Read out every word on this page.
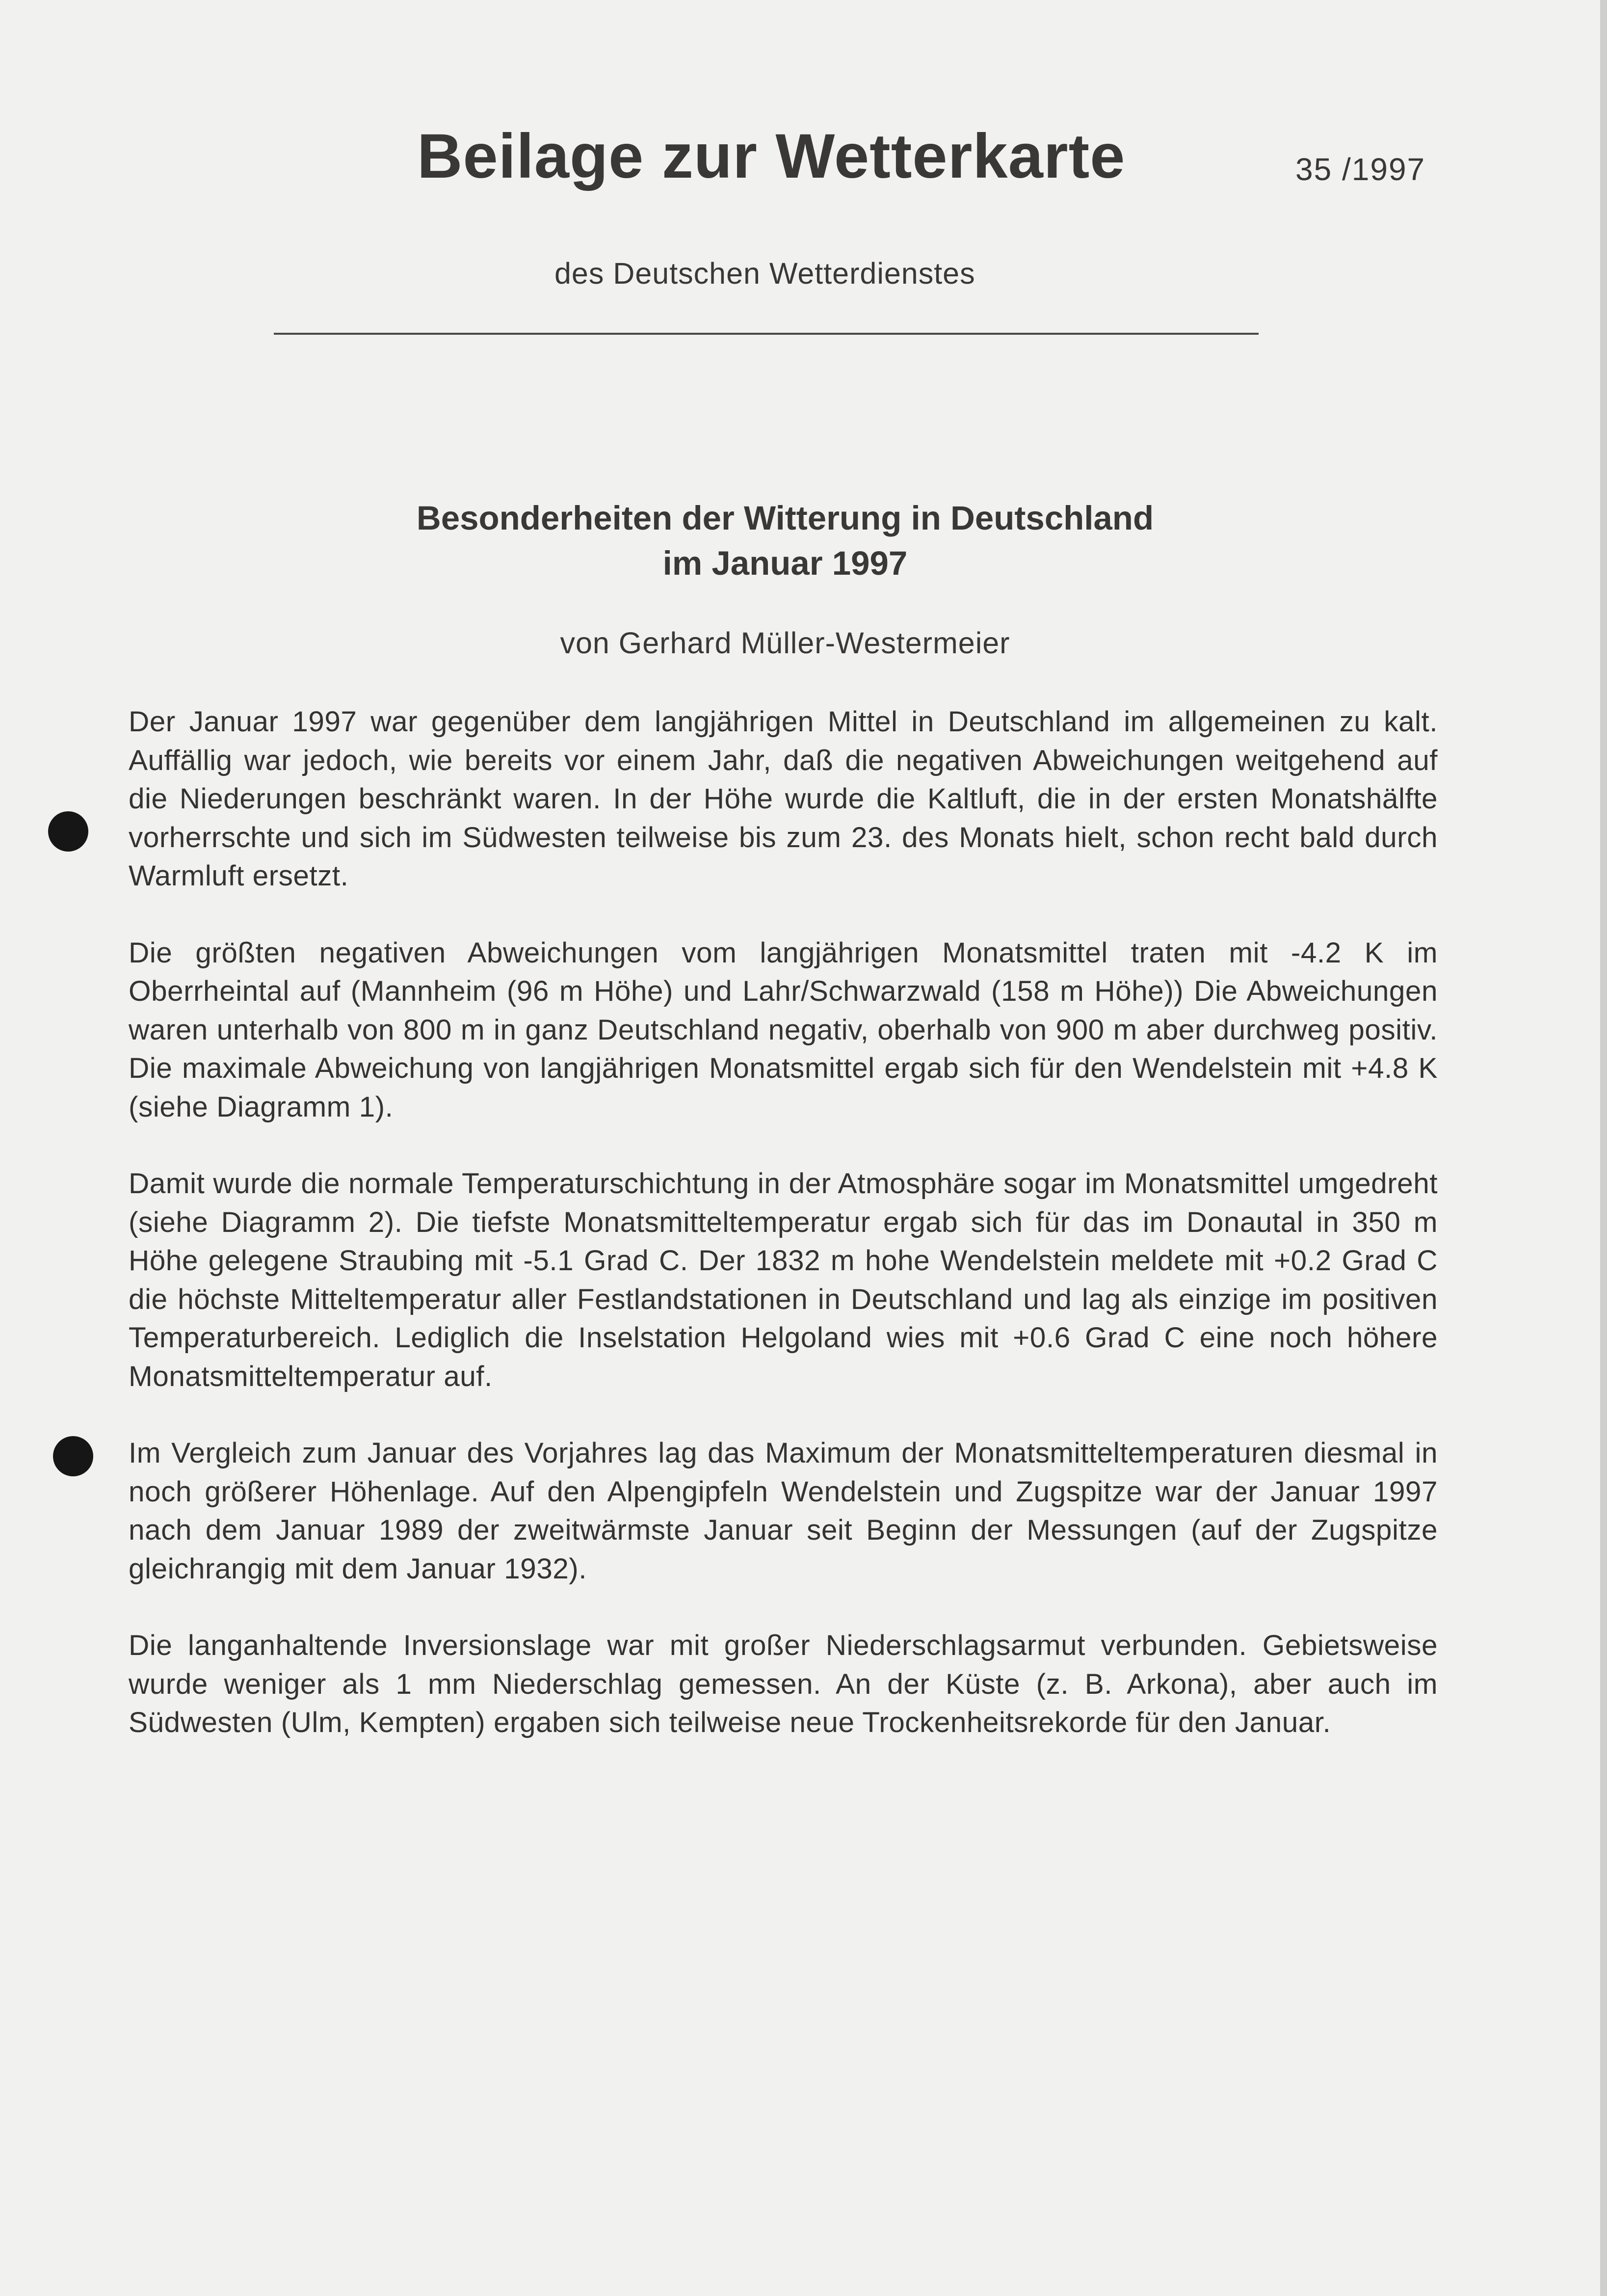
Beilage zur Wetterkarte	35 /1997
des Deutschen Wetterdienstes
Besonderheiten der Witterung in Deutschland
im Januar 1997
von Gerhard Müller-Westermeier

Der Januar 1997 war gegenüber dem langjährigen Mittel in Deutschland im allgemeinen zu kalt. Auffällig war jedoch, wie bereits vor einem Jahr, daß die negativen Abweichungen weitgehend auf die Niederungen beschränkt waren. In der Höhe wurde die Kaltluft, die in der ersten Monatshälfte vorherrschte und sich im Südwesten teilweise bis zum 23. des Monats hielt, schon recht bald durch Warmluft ersetzt.

Die größten negativen Abweichungen vom langjährigen Monatsmittel traten mit -4.2 K im Oberrheintal auf (Mannheim (96 m Höhe) und Lahr/Schwarzwald (158 m Höhe)) Die Abweichungen waren unterhalb von 800 m in ganz Deutschland negativ, oberhalb von 900 m aber durchweg positiv. Die maximale Abweichung von langjährigen Monatsmittel ergab sich für den Wendelstein mit +4.8 K (siehe Diagramm 1).

Damit wurde die normale Temperaturschichtung in der Atmosphäre sogar im Monatsmittel umgedreht (siehe Diagramm 2). Die tiefste Monatsmitteltemperatur ergab sich für das im Donautal in 350 m Höhe gelegene Straubing mit -5.1 Grad C. Der 1832 m hohe Wendelstein meldete mit +0.2 Grad C die höchste Mitteltemperatur aller Festlandstationen in Deutschland und lag als einzige im positiven Temperaturbereich. Lediglich die Inselstation Helgoland wies mit +0.6 Grad C eine noch höhere Monatsmitteltemperatur auf.

Im Vergleich zum Januar des Vorjahres lag das Maximum der Monatsmitteltemperaturen diesmal in noch größerer Höhenlage. Auf den Alpengipfeln Wendelstein und Zugspitze war der Januar 1997 nach dem Januar 1989 der zweitwärmste Januar seit Beginn der Messungen (auf der Zugspitze gleichrangig mit dem Januar 1932).

Die langanhaltende Inversionslage war mit großer Niederschlagsarmut verbunden. Gebietsweise wurde weniger als 1 mm Niederschlag gemessen. An der Küste (z. B. Arkona), aber auch im Südwesten (Ulm, Kempten) ergaben sich teilweise neue Trockenheitsrekorde für den Januar.
